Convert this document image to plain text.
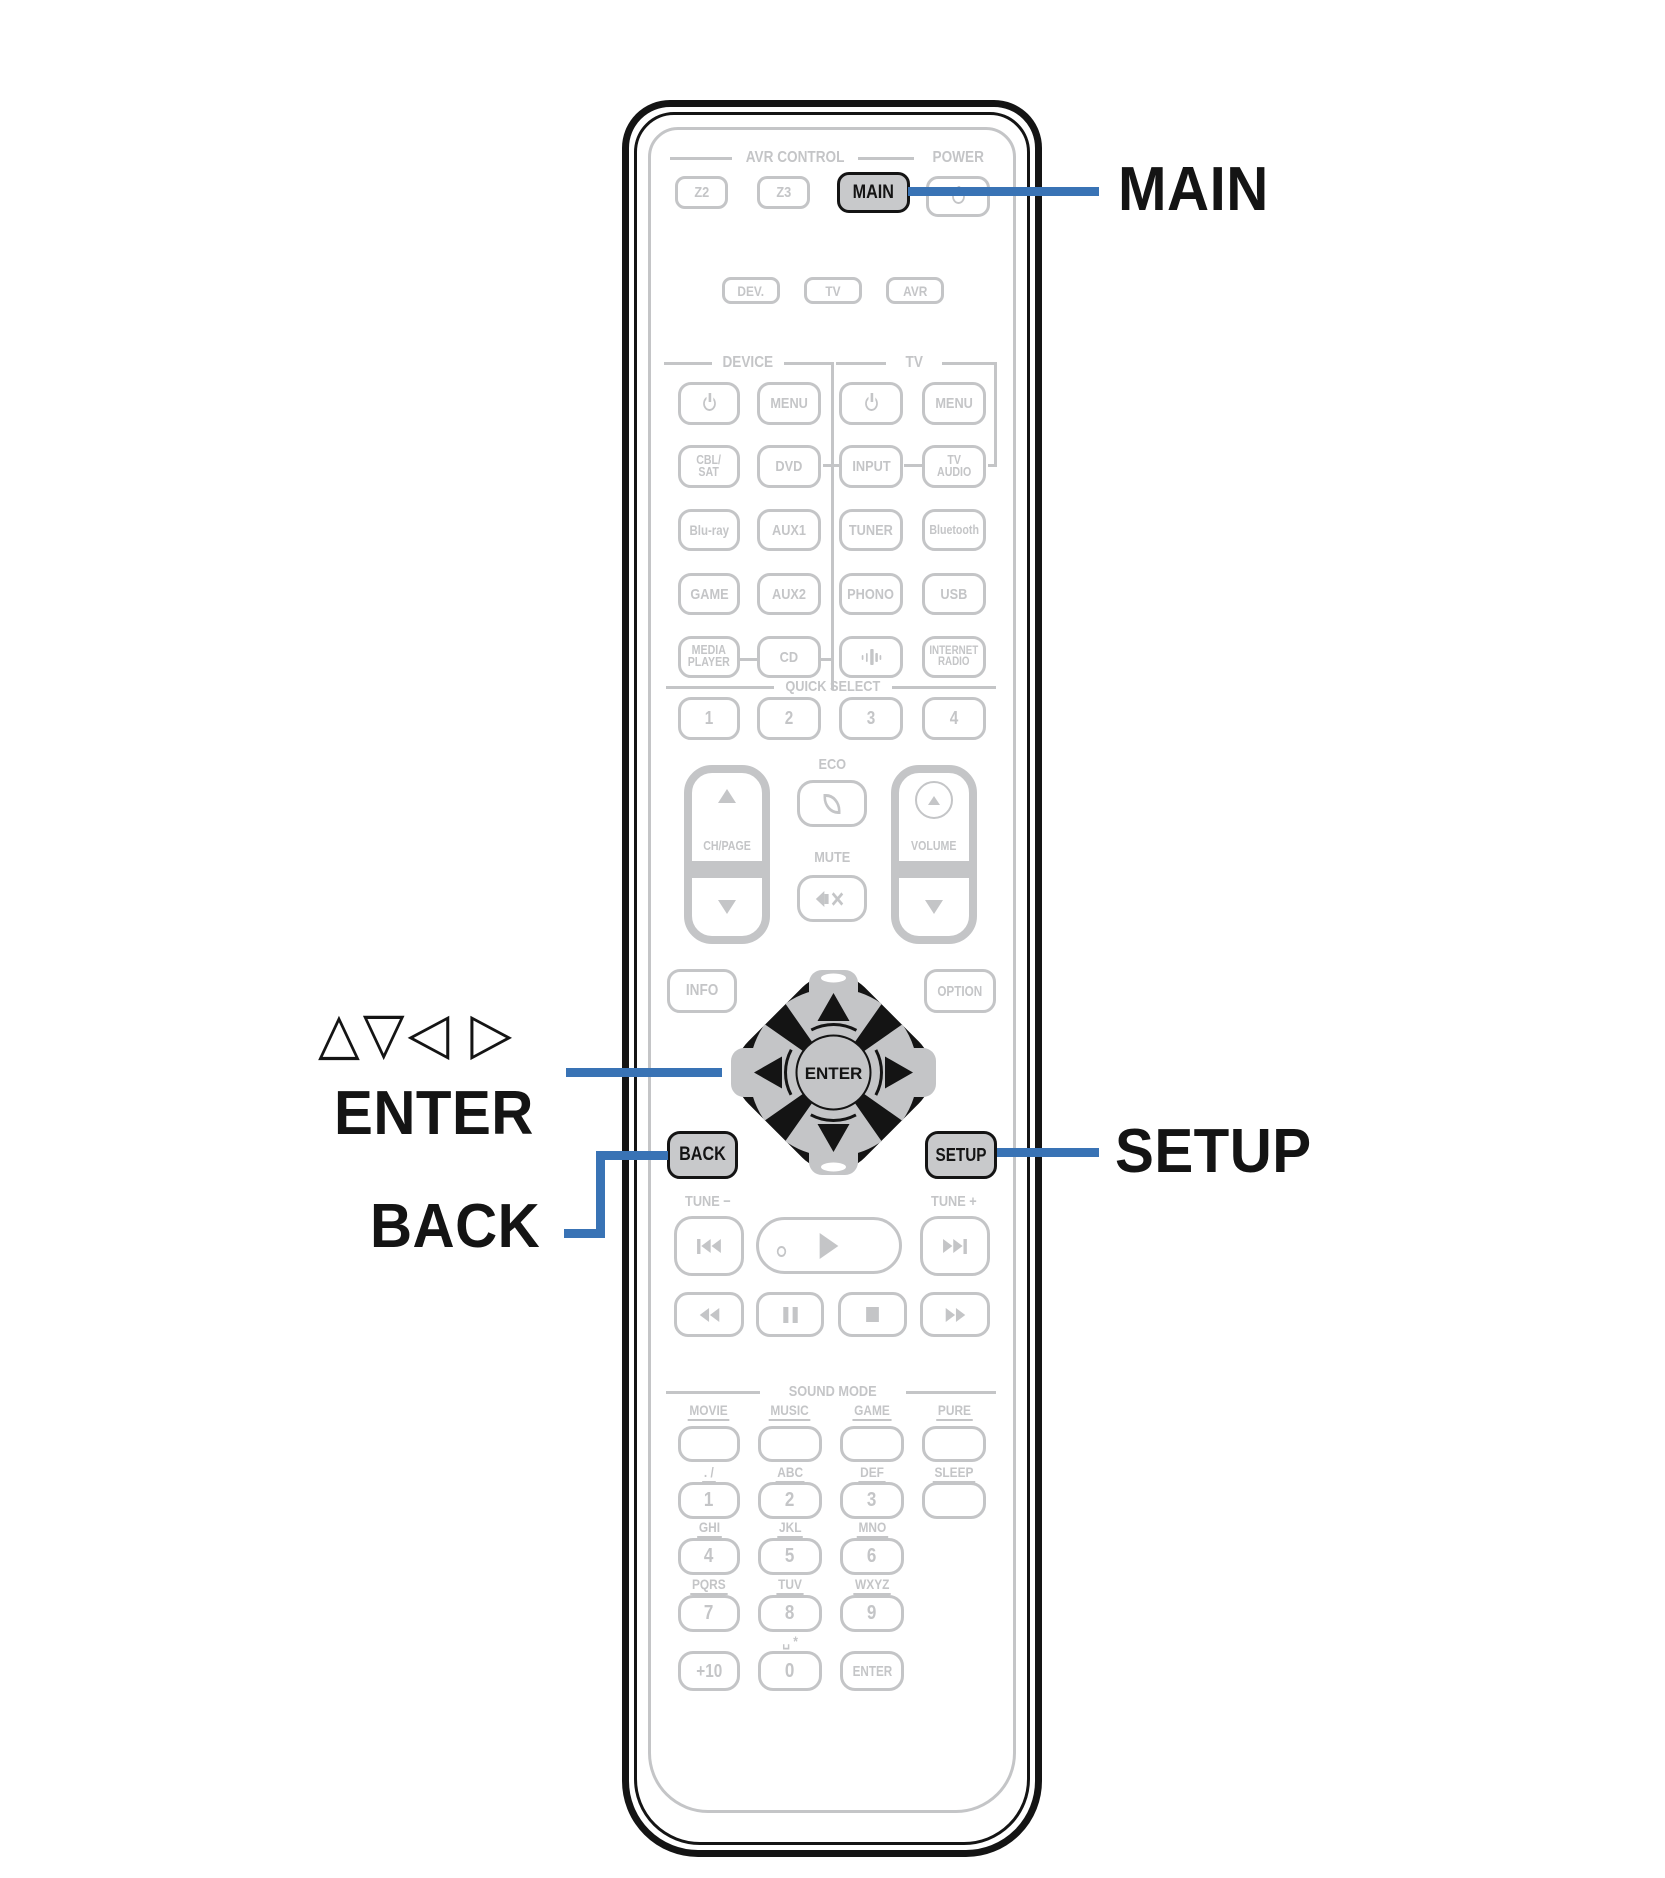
AVR CONTROL	POWER
Z2	Z3	MAIN
DEV.	TV	AVR
DEVICE	TV
MENU	MENU
CBL/
SAT	DVD	INPUT	TV
AUDIO
Blu-ray	AUX1	TUNER	Bluetooth
GAME	AUX2	PHONO	USB
MEDIA
PLAYER	CD	INTERNET
RADIO
QUICK SELECT
1	2	3	4
CH/PAGE
ECO
MUTE
VOLUME
INFO	OPTION
ENTER
BACK	SETUP
TUNE −	TUNE +
SOUND MODE
MOVIE	MUSIC	GAME	PURE
. /	ABC	DEF	SLEEP
1	2	3
GHI	JKL	MNO
4	5	6
PQRS	TUV	WXYZ
7	8	9
␣ *
+10	0	ENTER
MAIN
SETUP
△▽◁ ▷
ENTER
BACK
